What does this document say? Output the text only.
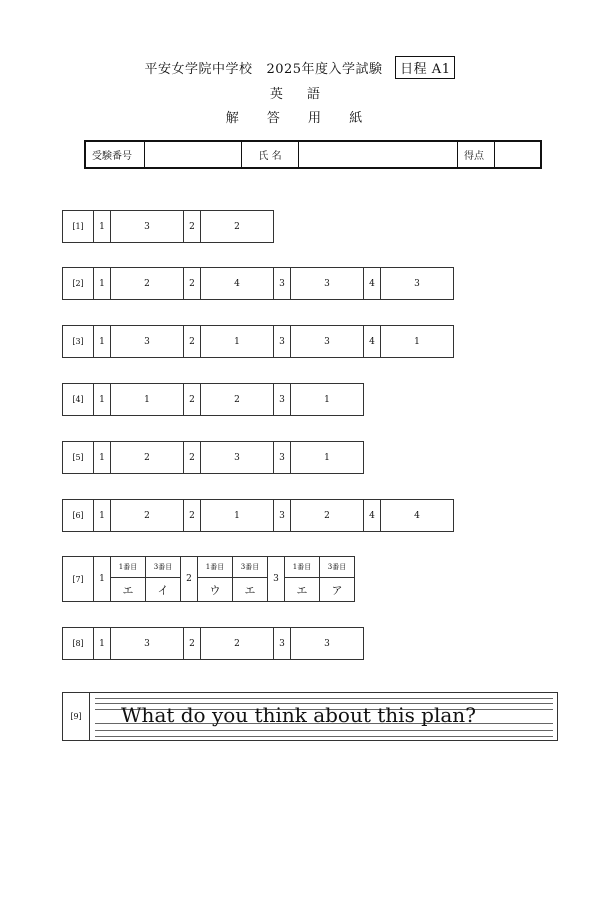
平安女学院中学校 2025年度入学試験 日程 A1
英 語
解 答 用 紙
受験番号		氏 名		得点	
[1]	1	3	2	2
[2]	1	2	2	4	3	3	4	3
[3]	1	3	2	1	3	3	4	1
[4]	1	1	2	2	3	1
[5]	1	2	2	3	3	1
[6]	1	2	2	1	3	2	4	4
[7]	1	1番目	3番目	2	1番目	3番目	3	1番目	3番目
		エ	イ		ウ	エ		エ	ア
[8]	1	3	2	2	3	3
[9]	What do you think about this plan?
